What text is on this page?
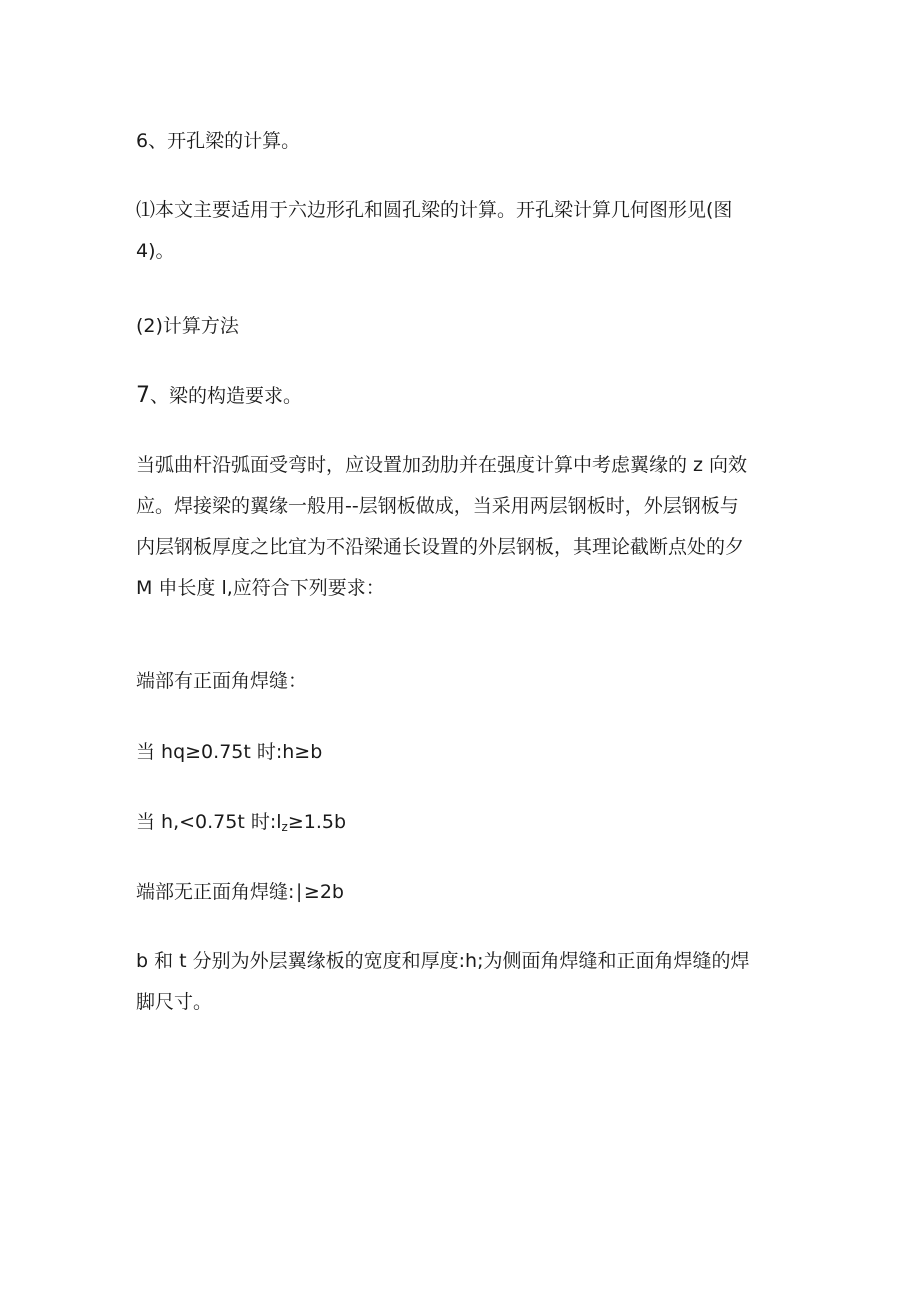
6、开孔梁的计算。

⑴本文主要适用于六边形孔和圆孔梁的计算。开孔梁计算几何图形见(图
4)。

(2)计算方法

7、梁的构造要求。

当弧曲杆沿弧面受弯时，应设置加劲肋并在强度计算中考虑翼缘的 z 向效
应。焊接梁的翼缘一般用--层钢板做成，当采用两层钢板时，外层钢板与
内层钢板厚度之比宜为不沿梁通长设置的外层钢板，其理论截断点处的夕
M 申长度 l,应符合下列要求：

端部有正面角焊缝：

当 hq≥0.75t 时:h≥b

当 h,<0.75t 时$:l_z\ge 1.5b$

端部无正面角焊缝:∣≥2b

b 和 t 分别为外层翼缘板的宽度和厚度:h;为侧面角焊缝和正面角焊缝的焊
脚尺寸。
